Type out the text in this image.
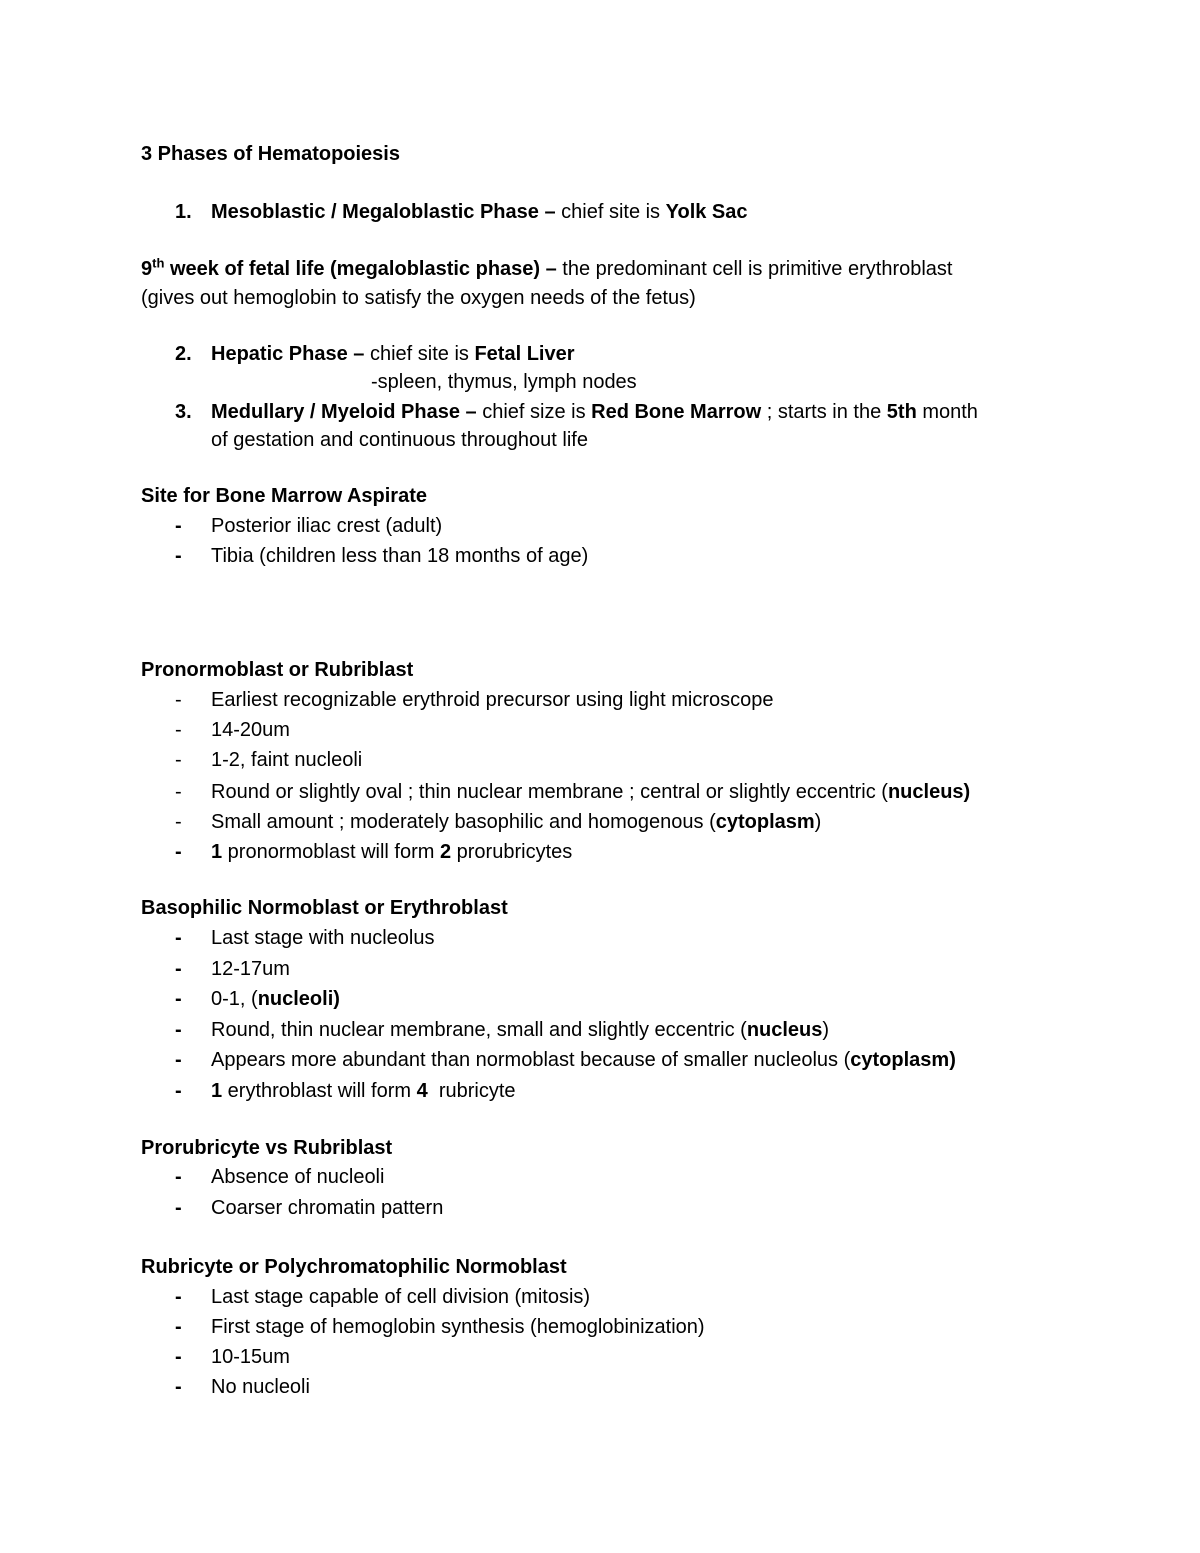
3 Phases of Hematopoiesis
1. Mesoblastic / Megaloblastic Phase – chief site is Yolk Sac
9th week of fetal life (megaloblastic phase) – the predominant cell is primitive erythroblast
(gives out hemoglobin to satisfy the oxygen needs of the fetus)
2. Hepatic Phase – chief site is Fetal Liver
-spleen, thymus, lymph nodes
3. Medullary / Myeloid Phase – chief size is Red Bone Marrow ; starts in the 5th month
of gestation and continuous throughout life
Site for Bone Marrow Aspirate
- Posterior iliac crest (adult)
- Tibia (children less than 18 months of age)
Pronormoblast or Rubriblast
- Earliest recognizable erythroid precursor using light microscope
- 14-20um
- 1-2, faint nucleoli
- Round or slightly oval ; thin nuclear membrane ; central or slightly eccentric (nucleus)
- Small amount ; moderately basophilic and homogenous (cytoplasm)
- 1 pronormoblast will form 2 prorubricytes
Basophilic Normoblast or Erythroblast
- Last stage with nucleolus
- 12-17um
- 0-1, (nucleoli)
- Round, thin nuclear membrane, small and slightly eccentric (nucleus)
- Appears more abundant than normoblast because of smaller nucleolus (cytoplasm)
- 1 erythroblast will form 4  rubricyte
Prorubricyte vs Rubriblast
- Absence of nucleoli
- Coarser chromatin pattern
Rubricyte or Polychromatophilic Normoblast
- Last stage capable of cell division (mitosis)
- First stage of hemoglobin synthesis (hemoglobinization)
- 10-15um
- No nucleoli
